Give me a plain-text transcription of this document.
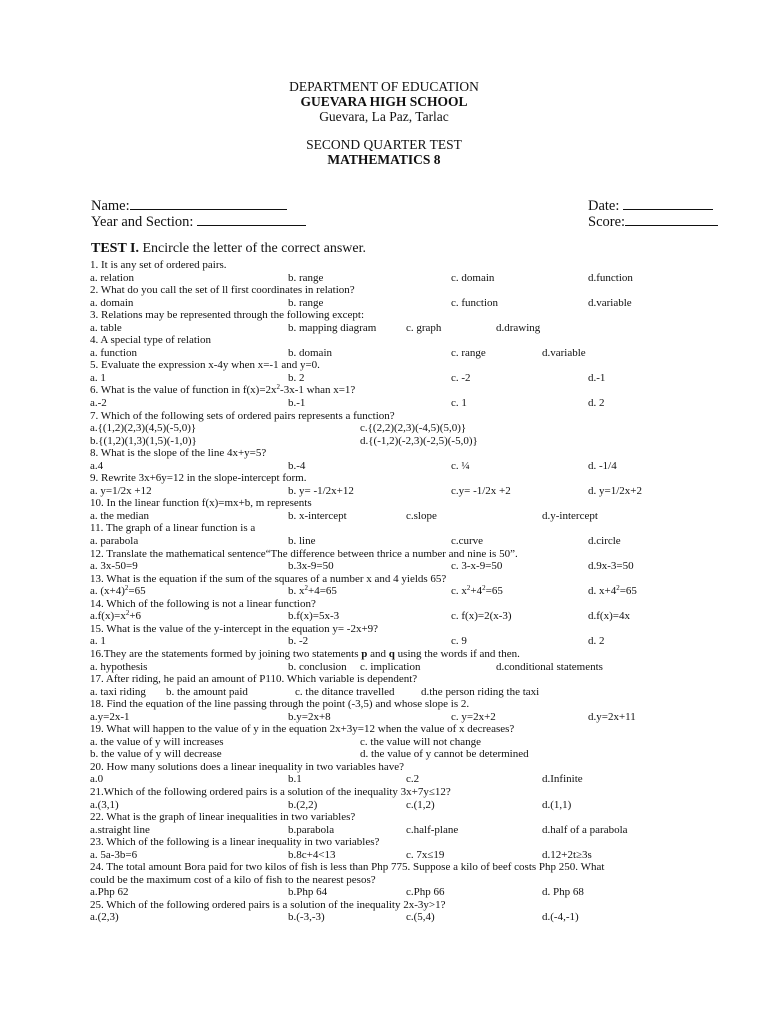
DEPARTMENT OF EDUCATION
GUEVARA HIGH SCHOOL
Guevara, La Paz, Tarlac
SECOND QUARTER TEST
MATHEMATICS 8
Name:
Year and Section:
Date:
Score:
TEST I. Encircle the letter of the correct answer.
1. It is any set of ordered pairs.
a. relation	b. range	c. domain	d.function
2. What do you call the set of ll first coordinates in relation?
a. domain	b. range	c. function	d.variable
3. Relations may be represented through the following except:
a. table	b. mapping diagram	c. graph	d.drawing
4. A special type of relation
a. function	b. domain	c. range	d.variable
5. Evaluate the expression x-4y when x=-1 and y=0.
a. 1	b. 2	c. -2	d.-1
6. What is the value of function in $f(x)=2x^2-3x-1$ whan x=1?
a.-2	b.-1	c. 1	d. 2
7. Which of the following sets of ordered pairs represents a function?
a.{(1,2)(2,3)(4,5)(-5,0)}	c.{(2,2)(2,3)(-4,5)(5,0)}
b.{(1,2)(1,3)(1,5)(-1,0)}	d.{(-1,2)(-2,3)(-2,5)(-5,0)}
8. What is the slope of the line 4x+y=5?
a.4	b.-4	c. ¼	d. -1/4
9. Rewrite 3x+6y=12 in the slope-intercept form.
a. y=1/2x +12	b. y= -1/2x+12	c.y= -1/2x +2	d. y=1/2x+2
10. In the linear function f(x)=mx+b, m represents
a. the median	b. x-intercept	c.slope	d.y-intercept
11. The graph of a linear function is a
a. parabola	b. line	c.curve	d.circle
12. Translate the mathematical sentence“The difference between thrice a number and nine is 50”.
a. 3x-50=9	b.3x-9=50	c. 3-x-9=50	d.9x-3=50
13. What is the equation if the sum of the squares of a number x and 4 yields 65?
a. $(x+4)^2=65$	b. $x^2+4=65$	c. $x^2+4^2=65$	d. $x+4^2=65$
14. Which of the following is not a linear function?
$a.f(x)=x^2+6$	b.f(x)=5x-3	c. f(x)=2(x-3)	d.f(x)=4x
15. What is the value of the y-intercept in the equation y= -2x+9?
a. 1	b. -2	c. 9	d. 2
16.They are the statements formed by joining two statements p and q using the words if and then.
a. hypothesis	b. conclusion c. implication	d.conditional statements
17. After riding, he paid an amount of P110. Which variable is dependent?
a. taxi riding b. the amount paid	c. the ditance travelled d.the person riding the taxi
18. Find the equation of the line passing through the point (-3,5) and whose slope is 2.
a.y=2x-1	b.y=2x+8	c. y=2x+2	d.y=2x+11
19. What will happen to the value of y in the equation 2x+3y=12 when the value of x decreases?
a. the value of y will increases	c. the value will not change
b. the value of y will decrease	d. the value of y cannot be determined
20. How many solutions does a linear inequality in two variables have?
a.0	b.1	c.2	d.Infinite
21.Which of the following ordered pairs is a solution of the inequality 3x+7y≤12?
a.(3,1)	b.(2,2)	c.(1,2)	d.(1,1)
22. What is the graph of linear inequalities in two variables?
a.straight line	b.parabola	c.half-plane	d.half of a parabola
23. Which of the following is a linear inequality in two variables?
a. 5a-3b=6	b.8c+4<13	c. 7x≤19	d.12+2t≥3s
24. The total amount Bora paid for two kilos of fish is less than Php 775. Suppose a kilo of beef costs Php 250. What
could be the maximum cost of a kilo of fish to the nearest pesos?
a.Php 62	b.Php 64	c.Php 66	d. Php 68
25. Which of the following ordered pairs is a solution of the inequality 2x-3y>1?
a.(2,3)	b.(-3,-3)	c.(5,4)	d.(-4,-1)
